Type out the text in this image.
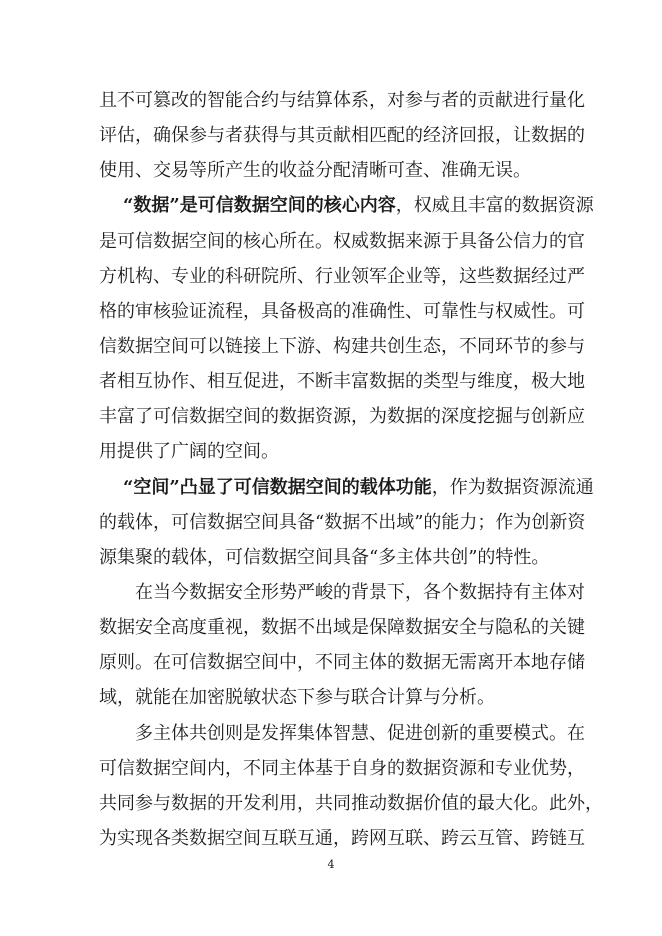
且不可篡改的智能合约与结算体系，对参与者的贡献进行量化
评估，确保参与者获得与其贡献相匹配的经济回报，让数据的
使用、交易等所产生的收益分配清晰可查、准确无误。
“数据”是可信数据空间的核心内容，权威且丰富的数据资源
是可信数据空间的核心所在。权威数据来源于具备公信力的官
方机构、专业的科研院所、行业领军企业等，这些数据经过严
格的审核验证流程，具备极高的准确性、可靠性与权威性。可
信数据空间可以链接上下游、构建共创生态，不同环节的参与
者相互协作、相互促进，不断丰富数据的类型与维度，极大地
丰富了可信数据空间的数据资源，为数据的深度挖掘与创新应
用提供了广阔的空间。
“空间”凸显了可信数据空间的载体功能，作为数据资源流通
的载体，可信数据空间具备“数据不出域”的能力；作为创新资
源集聚的载体，可信数据空间具备“多主体共创”的特性。
在当今数据安全形势严峻的背景下，各个数据持有主体对
数据安全高度重视，数据不出域是保障数据安全与隐私的关键
原则。在可信数据空间中，不同主体的数据无需离开本地存储
域，就能在加密脱敏状态下参与联合计算与分析。
多主体共创则是发挥集体智慧、促进创新的重要模式。在
可信数据空间内，不同主体基于自身的数据资源和专业优势，
4
共同参与数据的开发利用，共同推动数据价值的最大化。此外，
为实现各类数据空间互联互通，跨网互联、跨云互管、跨链互
